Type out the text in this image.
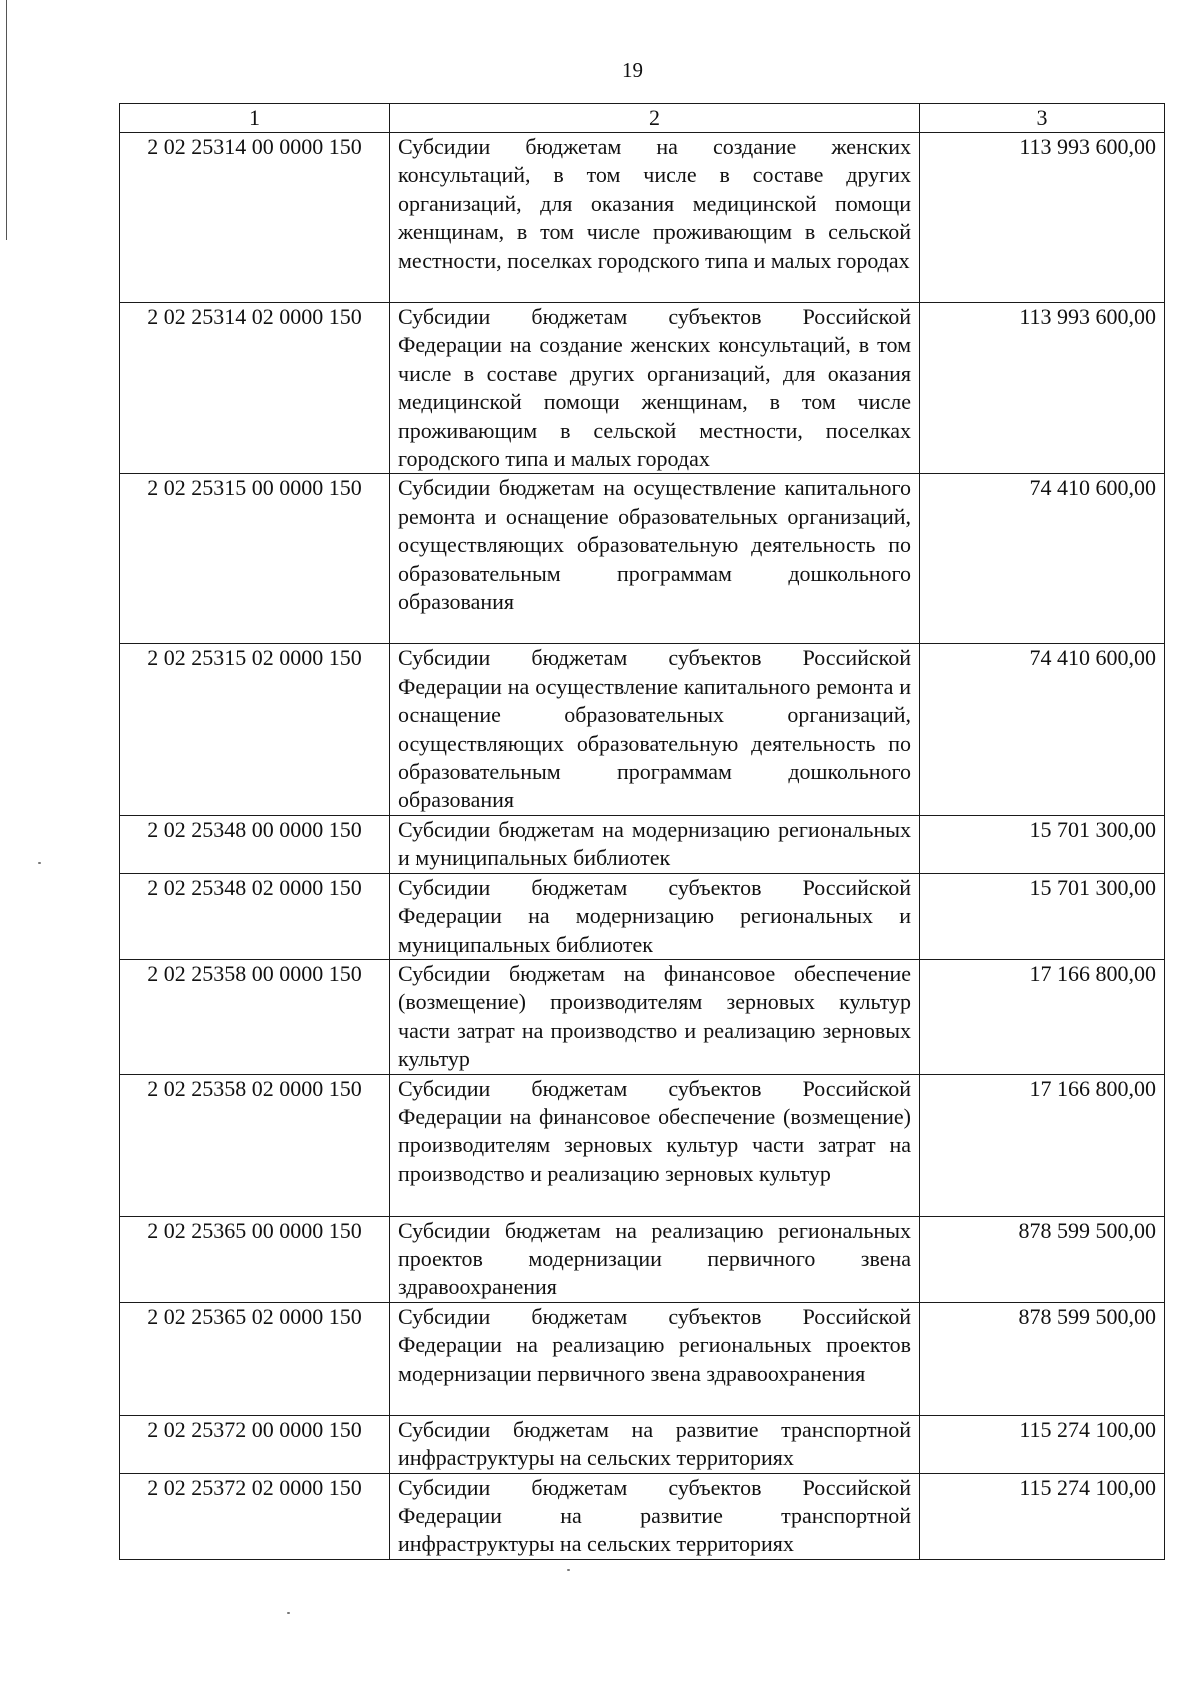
19
1	2	3
2 02 25314 00 0000 150	Субсидии бюджетам на создание женских консультаций, в том числе в составе других организаций, для оказания медицинской помощи женщинам, в том числе проживающим в сельской местности, поселках городского типа и малых городах	113 993 600,00
2 02 25314 02 0000 150	Субсидии бюджетам субъектов Российской Федерации на создание женских консультаций, в том числе в составе других организаций, для оказания медицинской помощи женщинам, в том числе проживающим в сельской местности, поселках городского типа и малых городах	113 993 600,00
2 02 25315 00 0000 150	Субсидии бюджетам на осуществление капитального ремонта и оснащение образовательных организаций, осуществляющих образовательную деятельность по образовательным программам дошкольного образования	74 410 600,00
2 02 25315 02 0000 150	Субсидии бюджетам субъектов Российской Федерации на осуществление капитального ремонта и оснащение образовательных организаций, осуществляющих образовательную деятельность по образовательным программам дошкольного образования	74 410 600,00
2 02 25348 00 0000 150	Субсидии бюджетам на модернизацию региональных и муниципальных библиотек	15 701 300,00
2 02 25348 02 0000 150	Субсидии бюджетам субъектов Российской Федерации на модернизацию региональных и муниципальных библиотек	15 701 300,00
2 02 25358 00 0000 150	Субсидии бюджетам на финансовое обеспечение (возмещение) производителям зерновых культур части затрат на производство и реализацию зерновых культур	17 166 800,00
2 02 25358 02 0000 150	Субсидии бюджетам субъектов Российской Федерации на финансовое обеспечение (возмещение) производителям зерновых культур части затрат на производство и реализацию зерновых культур	17 166 800,00
2 02 25365 00 0000 150	Субсидии бюджетам на реализацию региональных проектов модернизации первичного звена здравоохранения	878 599 500,00
2 02 25365 02 0000 150	Субсидии бюджетам субъектов Российской Федерации на реализацию региональных проектов модернизации первичного звена здравоохранения	878 599 500,00
2 02 25372 00 0000 150	Субсидии бюджетам на развитие транспортной инфраструктуры на сельских территориях	115 274 100,00
2 02 25372 02 0000 150	Субсидии бюджетам субъектов Российской Федерации на развитие транспортной инфраструктуры на сельских территориях	115 274 100,00
